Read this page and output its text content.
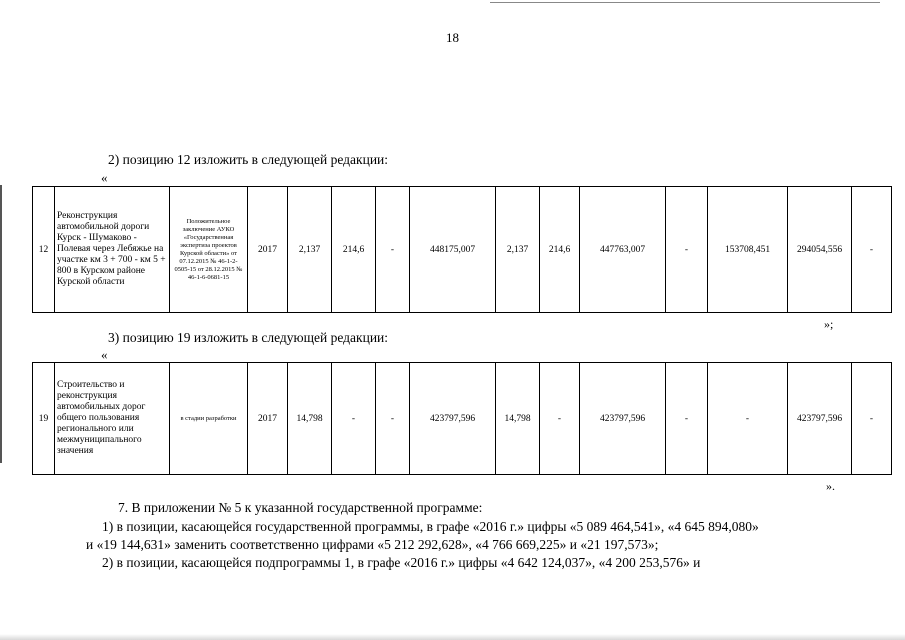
18
2) позицию 12 изложить в следующей редакции:
«
12	Реконструкция автомобильной дороги Курск - Шумаково - Полевая через Лебяжье на участке км 3 + 700 - км 5 + 800 в Курском районе Курской области	Положительное заключение АУКО «Государственная экспертиза проектов Курской области» от 07.12.2015 № 46-1-2-0505-15 от 28.12.2015 № 46-1-6-0681-15	2017	2,137	214,6	-	448175,007	2,137	214,6	447763,007	-	153708,451	294054,556	-
»;
3) позицию 19 изложить в следующей редакции:
«
19	Строительство и реконструкция автомобильных дорог общего пользования регионального или межмуниципального значения	в стадии разработки	2017	14,798	-	-	423797,596	14,798	-	423797,596	-	-	423797,596	-
».
7. В приложении № 5 к указанной государственной программе:
1) в позиции, касающейся государственной программы, в графе «2016 г.» цифры «5 089 464,541», «4 645 894,080»
и «19 144,631» заменить соответственно цифрами «5 212 292,628», «4 766 669,225» и «21 197,573»;
2) в позиции, касающейся подпрограммы 1, в графе «2016 г.» цифры «4 642 124,037», «4 200 253,576» и
